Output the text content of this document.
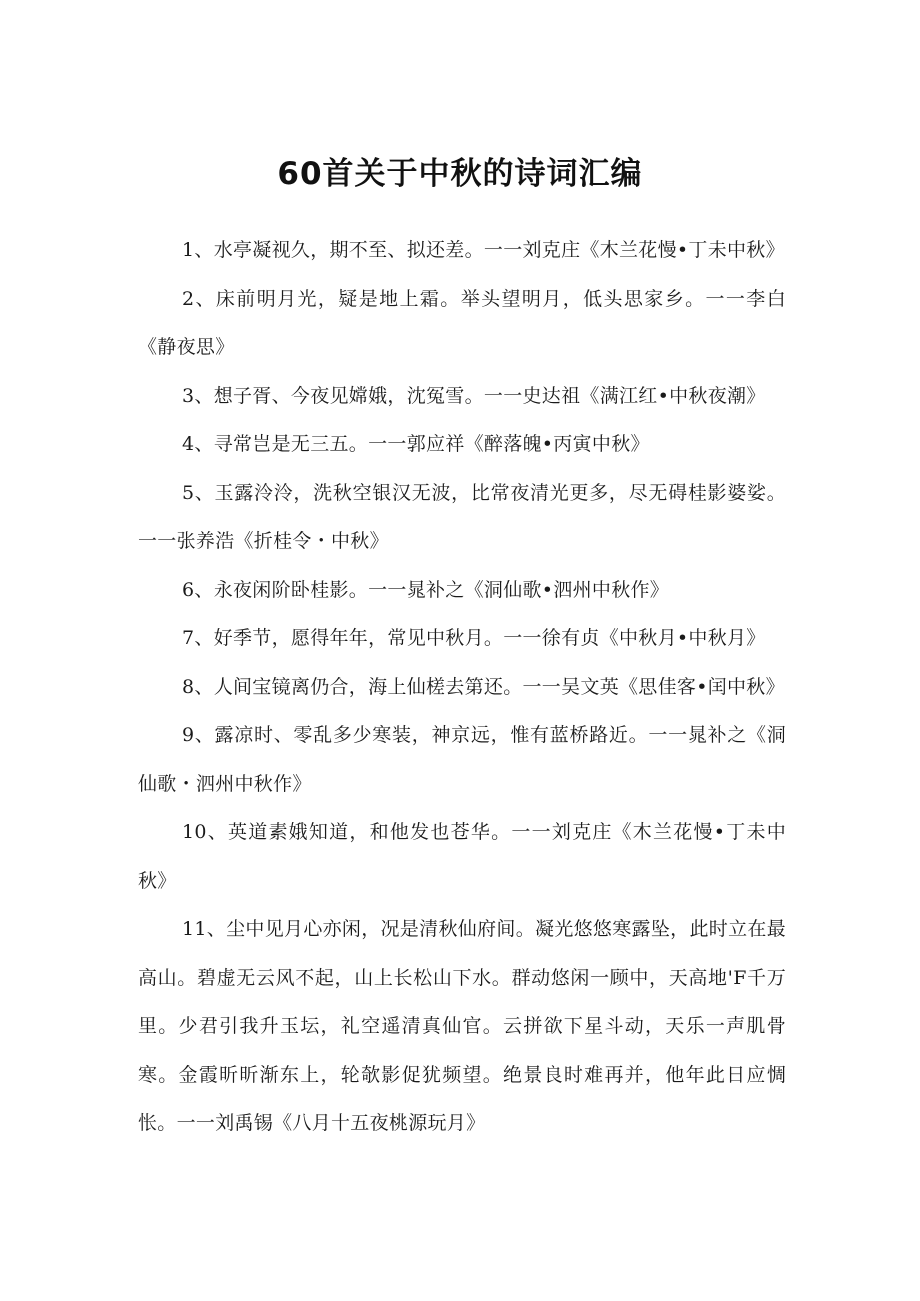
60首关于中秋的诗词汇编

1、水亭凝视久，期不至、拟还差。一一刘克庄《木兰花慢•丁未中秋》

2、床前明月光，疑是地上霜。举头望明月，低头思家乡。一一李白《静夜思》

3、想子胥、今夜见嫦娥，沈冤雪。一一史达祖《满江红•中秋夜潮》

4、寻常岂是无三五。一一郭应祥《醉落魄•丙寅中秋》

5、玉露泠泠，洗秋空银汉无波，比常夜清光更多，尽无碍桂影婆娑。一一张养浩《折桂令・中秋》

6、永夜闲阶卧桂影。一一晁补之《洞仙歌•泗州中秋作》

7、好季节，愿得年年，常见中秋月。一一徐有贞《中秋月•中秋月》

8、人间宝镜离仍合，海上仙槎去第还。一一吴文英《思佳客•闰中秋》

9、露凉时、零乱多少寒装，神京远，惟有蓝桥路近。一一晁补之《洞仙歌・泗州中秋作》

10、英道素娥知道，和他发也苍华。一一刘克庄《木兰花慢•丁未中秋》

11、尘中见月心亦闲，况是清秋仙府间。凝光悠悠寒露坠，此时立在最高山。碧虚无云风不起，山上长松山下水。群动悠闲一顾中，天高地'F千万里。少君引我升玉坛，礼空遥清真仙官。云拼欲下星斗动，天乐一声肌骨寒。金霞昕昕渐东上，轮欹影促犹频望。绝景良时难再并，他年此日应惆怅。一一刘禹锡《八月十五夜桃源玩月》
